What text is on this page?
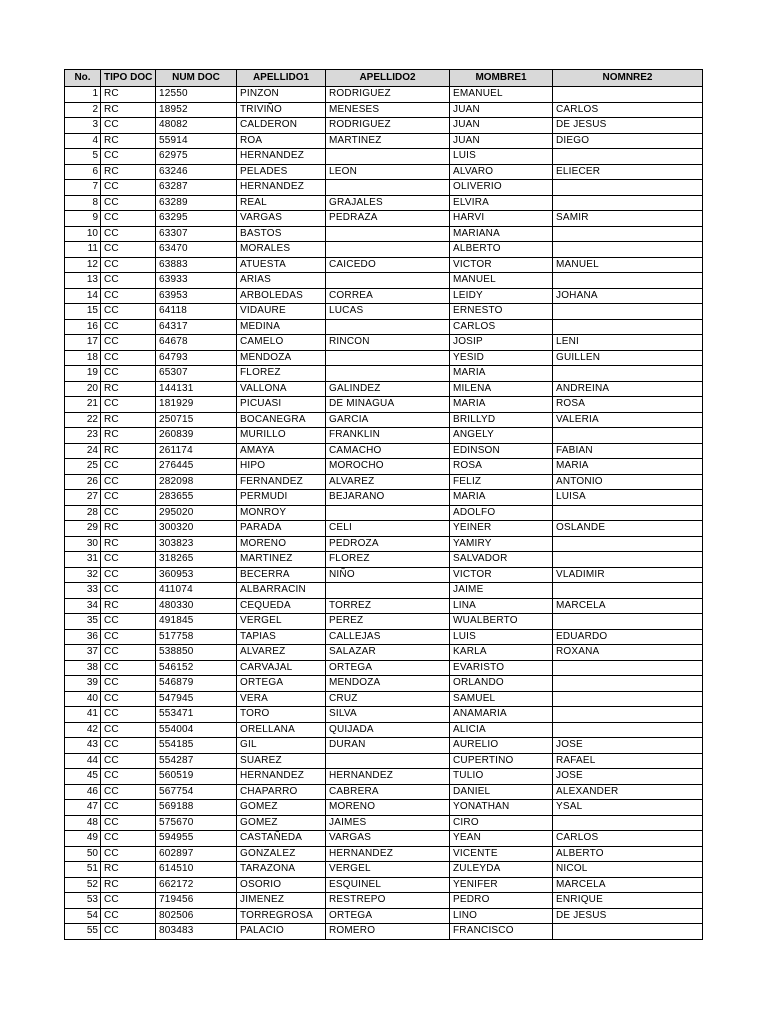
No.	TIPO DOC	NUM DOC	APELLIDO1	APELLIDO2	MOMBRE1	NOMNRE2
1	RC	12550	PINZON	RODRIGUEZ	EMANUEL	
2	RC	18952	TRIVIÑO	MENESES	JUAN	CARLOS
3	CC	48082	CALDERON	RODRIGUEZ	JUAN	DE JESUS
4	RC	55914	ROA	MARTINEZ	JUAN	DIEGO
5	CC	62975	HERNANDEZ		LUIS	
6	RC	63246	PELADES	LEON	ALVARO	ELIECER
7	CC	63287	HERNANDEZ		OLIVERIO	
8	CC	63289	REAL	GRAJALES	ELVIRA	
9	CC	63295	VARGAS	PEDRAZA	HARVI	SAMIR
10	CC	63307	BASTOS		MARIANA	
11	CC	63470	MORALES		ALBERTO	
12	CC	63883	ATUESTA	CAICEDO	VICTOR	MANUEL
13	CC	63933	ARIAS		MANUEL	
14	CC	63953	ARBOLEDAS	CORREA	LEIDY	JOHANA
15	CC	64118	VIDAURE	LUCAS	ERNESTO	
16	CC	64317	MEDINA		CARLOS	
17	CC	64678	CAMELO	RINCON	JOSIP	LENI
18	CC	64793	MENDOZA		YESID	GUILLEN
19	CC	65307	FLOREZ		MARIA	
20	RC	144131	VALLONA	GALINDEZ	MILENA	ANDREINA
21	CC	181929	PICUASI	DE MINAGUA	MARIA	ROSA
22	RC	250715	BOCANEGRA	GARCIA	BRILLYD	VALERIA
23	RC	260839	MURILLO	FRANKLIN	ANGELY	
24	RC	261174	AMAYA	CAMACHO	EDINSON	FABIAN
25	CC	276445	HIPO	MOROCHO	ROSA	MARIA
26	CC	282098	FERNANDEZ	ALVAREZ	FELIZ	ANTONIO
27	CC	283655	PERMUDI	BEJARANO	MARIA	LUISA
28	CC	295020	MONROY		ADOLFO	
29	RC	300320	PARADA	CELI	YEINER	OSLANDE
30	RC	303823	MORENO	PEDROZA	YAMIRY	
31	CC	318265	MARTINEZ	FLOREZ	SALVADOR	
32	CC	360953	BECERRA	NIÑO	VICTOR	VLADIMIR
33	CC	411074	ALBARRACIN		JAIME	
34	RC	480330	CEQUEDA	TORREZ	LINA	MARCELA
35	CC	491845	VERGEL	PEREZ	WUALBERTO	
36	CC	517758	TAPIAS	CALLEJAS	LUIS	EDUARDO
37	CC	538850	ALVAREZ	SALAZAR	KARLA	ROXANA
38	CC	546152	CARVAJAL	ORTEGA	EVARISTO	
39	CC	546879	ORTEGA	MENDOZA	ORLANDO	
40	CC	547945	VERA	CRUZ	SAMUEL	
41	CC	553471	TORO	SILVA	ANAMARIA	
42	CC	554004	ORELLANA	QUIJADA	ALICIA	
43	CC	554185	GIL	DURAN	AURELIO	JOSE
44	CC	554287	SUAREZ		CUPERTINO	RAFAEL
45	CC	560519	HERNANDEZ	HERNANDEZ	TULIO	JOSE
46	CC	567754	CHAPARRO	CABRERA	DANIEL	ALEXANDER
47	CC	569188	GOMEZ	MORENO	YONATHAN	YSAL
48	CC	575670	GOMEZ	JAIMES	CIRO	
49	CC	594955	CASTAÑEDA	VARGAS	YEAN	CARLOS
50	CC	602897	GONZALEZ	HERNANDEZ	VICENTE	ALBERTO
51	RC	614510	TARAZONA	VERGEL	ZULEYDA	NICOL
52	RC	662172	OSORIO	ESQUINEL	YENIFER	MARCELA
53	CC	719456	JIMENEZ	RESTREPO	PEDRO	ENRIQUE
54	CC	802506	TORREGROSA	ORTEGA	LINO	DE JESUS
55	CC	803483	PALACIO	ROMERO	FRANCISCO	
